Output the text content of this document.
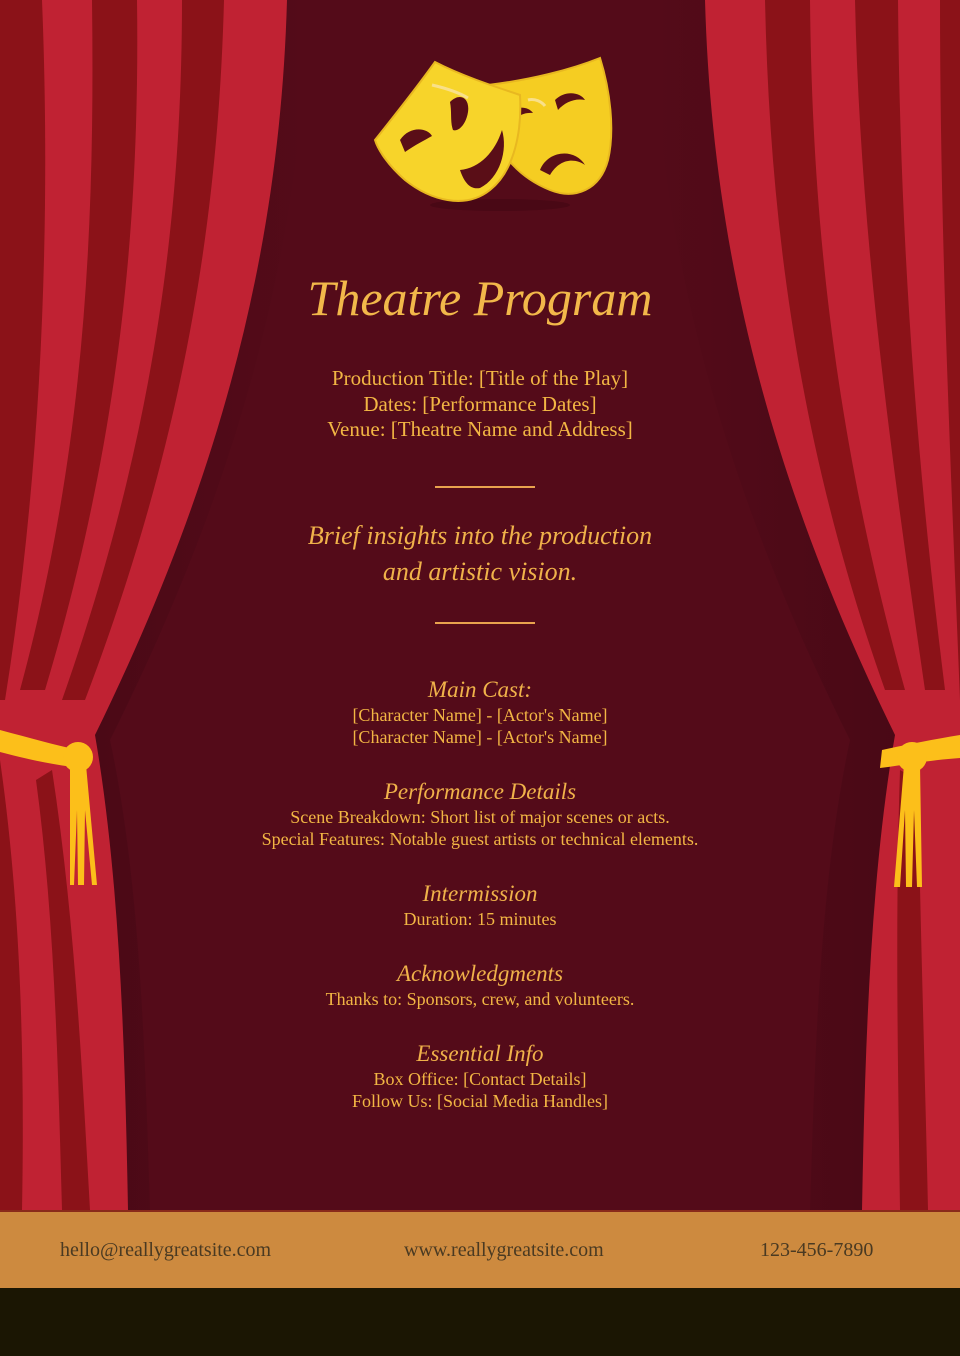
Theatre Program
Production Title: [Title of the Play]
Dates: [Performance Dates]
Venue: [Theatre Name and Address]
Brief insights into the production
and artistic vision.
Main Cast:

[Character Name] - [Actor's Name]

[Character Name] - [Actor's Name]

Performance Details

Scene Breakdown: Short list of major scenes or acts.

Special Features: Notable guest artists or technical elements.

Intermission

Duration: 15 minutes

Acknowledgments

Thanks to: Sponsors, crew, and volunteers.

Essential Info

Box Office: [Contact Details]

Follow Us: [Social Media Handles]

hello@reallygreatsite.com	www.reallygreatsite.com	123-456-7890
